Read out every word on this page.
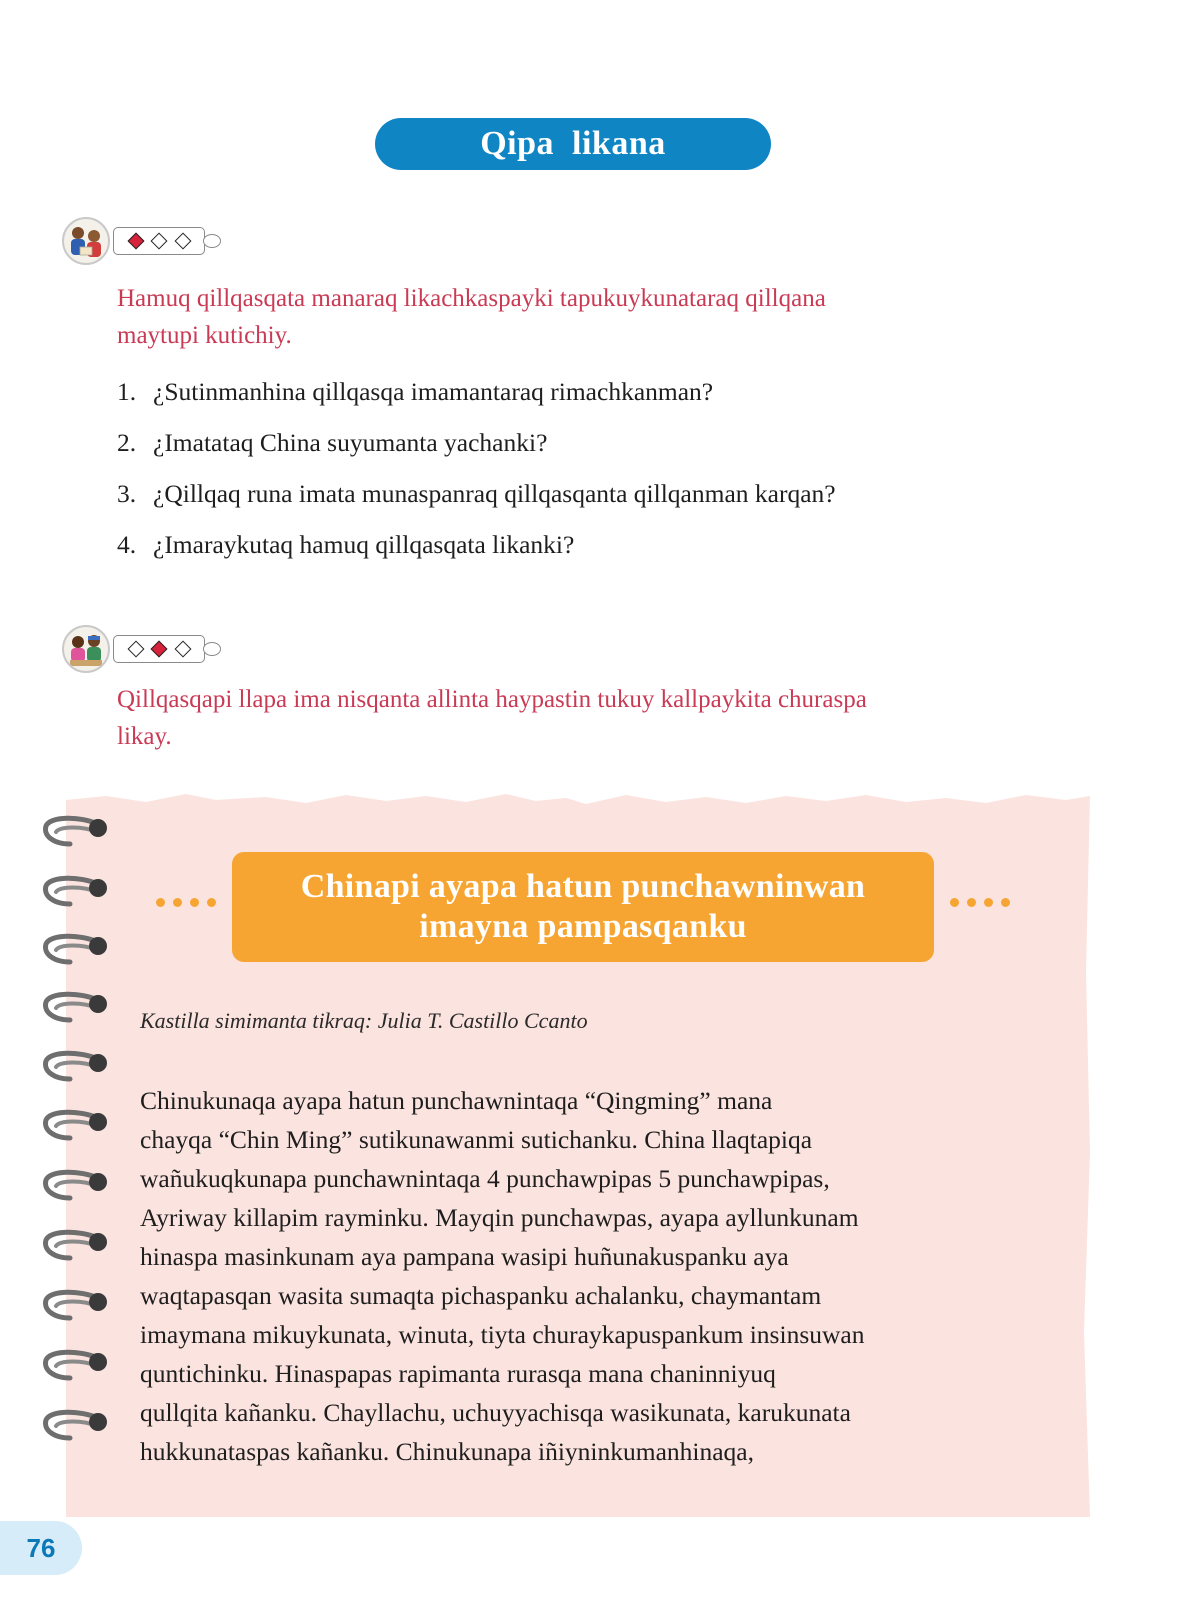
Qipa  likana
Hamuq qillqasqata manaraq likachkaspayki tapukuykunataraq qillqana
maytupi kutichiy.
1. ¿Sutinmanhina qillqasqa imamantaraq rimachkanman?
2. ¿Imatataq China suyumanta yachanki?
3. ¿Qillqaq runa imata munaspanraq qillqasqanta qillqanman karqan?
4. ¿Imaraykutaq hamuq qillqasqata likanki?
Qillqasqapi llapa ima nisqanta allinta haypastin tukuy kallpaykita churaspa
likay.
Chinapi ayapa hatun punchawninwan
imayna pampasqanku
Kastilla simimanta tikraq: Julia T. Castillo Ccanto
Chinukunaqa ayapa hatun punchawnintaqa “Qingming” mana
chayqa “Chin Ming” sutikunawanmi sutichanku. China llaqtapiqa
wañukuqkunapa punchawnintaqa 4 punchawpipas 5 punchawpipas,
Ayriway killapim rayminku. Mayqin punchawpas, ayapa ayllunkunam
hinaspa masinkunam aya pampana wasipi huñunakuspanku aya
waqtapasqan wasita sumaqta pichaspanku achalanku, chaymantam
imaymana mikuykunata, winuta, tiyta churaykapuspankum insinsuwan
quntichinku. Hinaspapas rapimanta rurasqa mana chaninniyuq
qullqita kañanku. Chayllachu, uchuyyachisqa wasikunata, karukunata
hukkunataspas kañanku. Chinukunapa iñiyninkumanhinaqa,
76
